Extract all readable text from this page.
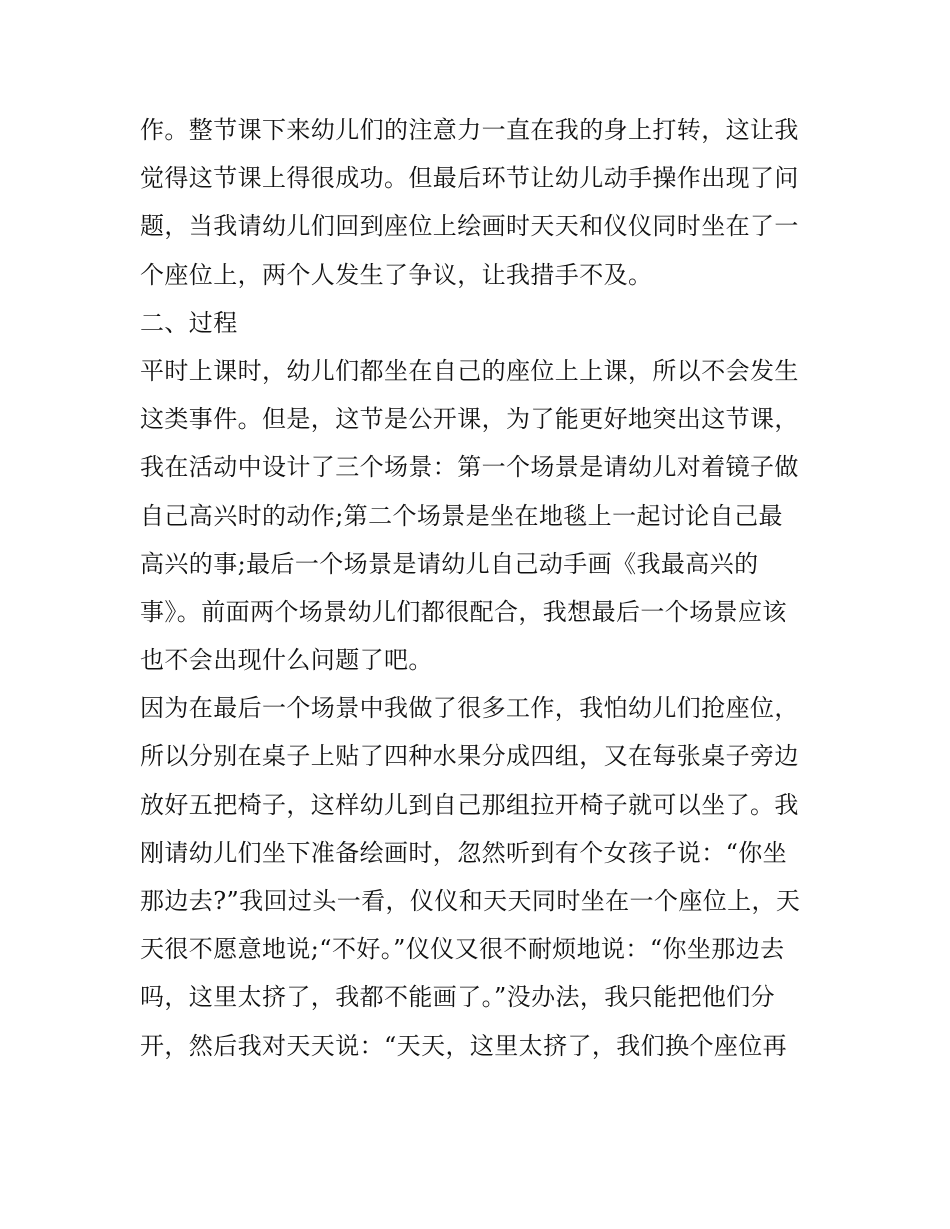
作。整节课下来幼儿们的注意力一直在我的身上打转，这让我
觉得这节课上得很成功。但最后环节让幼儿动手操作出现了问
题，当我请幼儿们回到座位上绘画时天天和仪仪同时坐在了一
个座位上，两个人发生了争议，让我措手不及。
二、过程
平时上课时，幼儿们都坐在自己的座位上上课，所以不会发生
这类事件。但是，这节是公开课，为了能更好地突出这节课，
我在活动中设计了三个场景：第一个场景是请幼儿对着镜子做
自己高兴时的动作;第二个场景是坐在地毯上一起讨论自己最
高兴的事;最后一个场景是请幼儿自己动手画《我最高兴的
事》。前面两个场景幼儿们都很配合，我想最后一个场景应该
也不会出现什么问题了吧。
因为在最后一个场景中我做了很多工作，我怕幼儿们抢座位，
所以分别在桌子上贴了四种水果分成四组，又在每张桌子旁边
放好五把椅子，这样幼儿到自己那组拉开椅子就可以坐了。我
刚请幼儿们坐下准备绘画时，忽然听到有个女孩子说：“你坐
那边去?”我回过头一看，仪仪和天天同时坐在一个座位上，天
天很不愿意地说;“不好。”仪仪又很不耐烦地说：“你坐那边去
吗，这里太挤了，我都不能画了。”没办法，我只能把他们分
开，然后我对天天说：“天天，这里太挤了，我们换个座位再
